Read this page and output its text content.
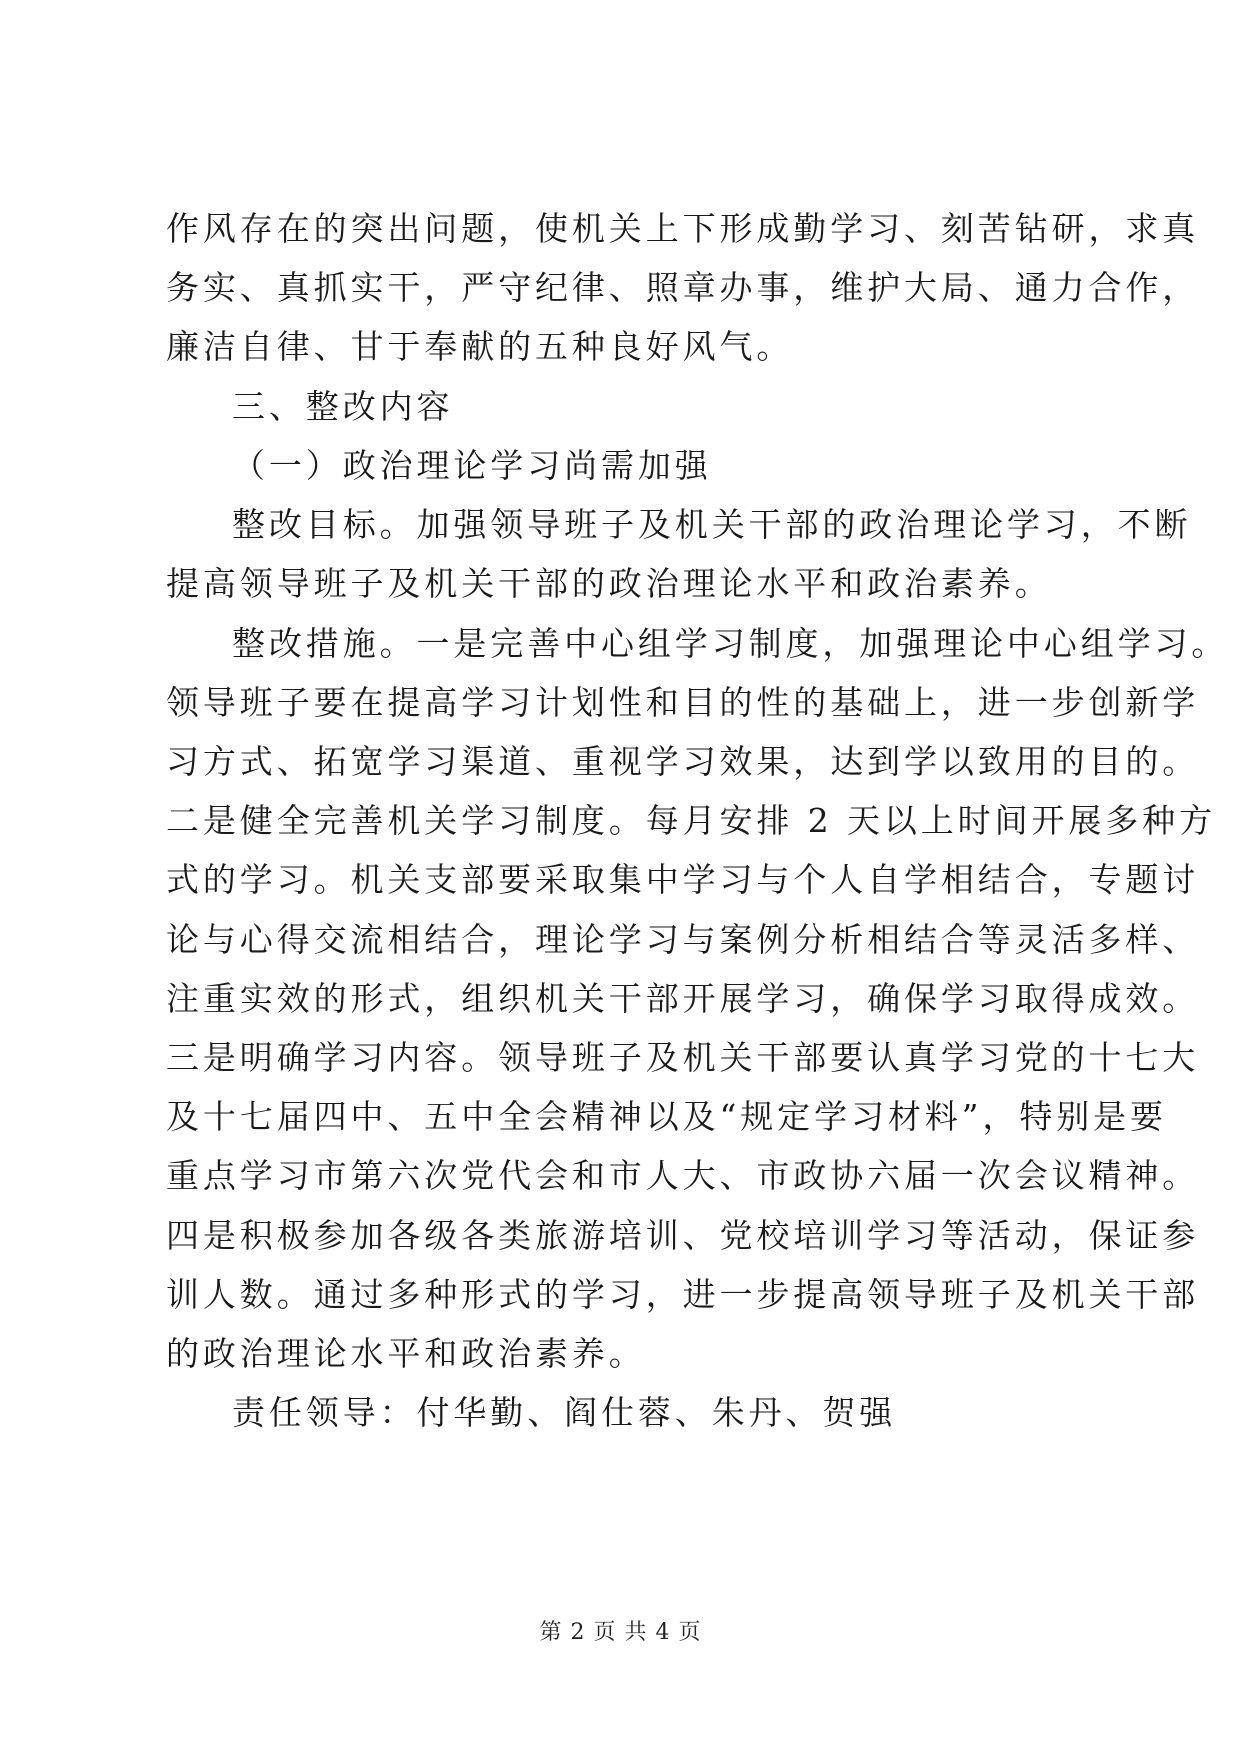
作风存在的突出问题，使机关上下形成勤学习、刻苦钻研，求真
务实、真抓实干，严守纪律、照章办事，维护大局、通力合作，
廉洁自律、甘于奉献的五种良好风气。
三、整改内容
（一）政治理论学习尚需加强
整改目标。加强领导班子及机关干部的政治理论学习，不断
提高领导班子及机关干部的政治理论水平和政治素养。
整改措施。一是完善中心组学习制度，加强理论中心组学习。
领导班子要在提高学习计划性和目的性的基础上，进一步创新学
习方式、拓宽学习渠道、重视学习效果，达到学以致用的目的。
二是健全完善机关学习制度。每月安排 2 天以上时间开展多种方
式的学习。机关支部要采取集中学习与个人自学相结合，专题讨
论与心得交流相结合，理论学习与案例分析相结合等灵活多样、
注重实效的形式，组织机关干部开展学习，确保学习取得成效。
三是明确学习内容。领导班子及机关干部要认真学习党的十七大
及十七届四中、五中全会精神以及“规定学习材料”，特别是要
重点学习市第六次党代会和市人大、市政协六届一次会议精神。
四是积极参加各级各类旅游培训、党校培训学习等活动，保证参
训人数。通过多种形式的学习，进一步提高领导班子及机关干部
的政治理论水平和政治素养。
责任领导：付华勤、阎仕蓉、朱丹、贺强
第 2 页 共 4 页
